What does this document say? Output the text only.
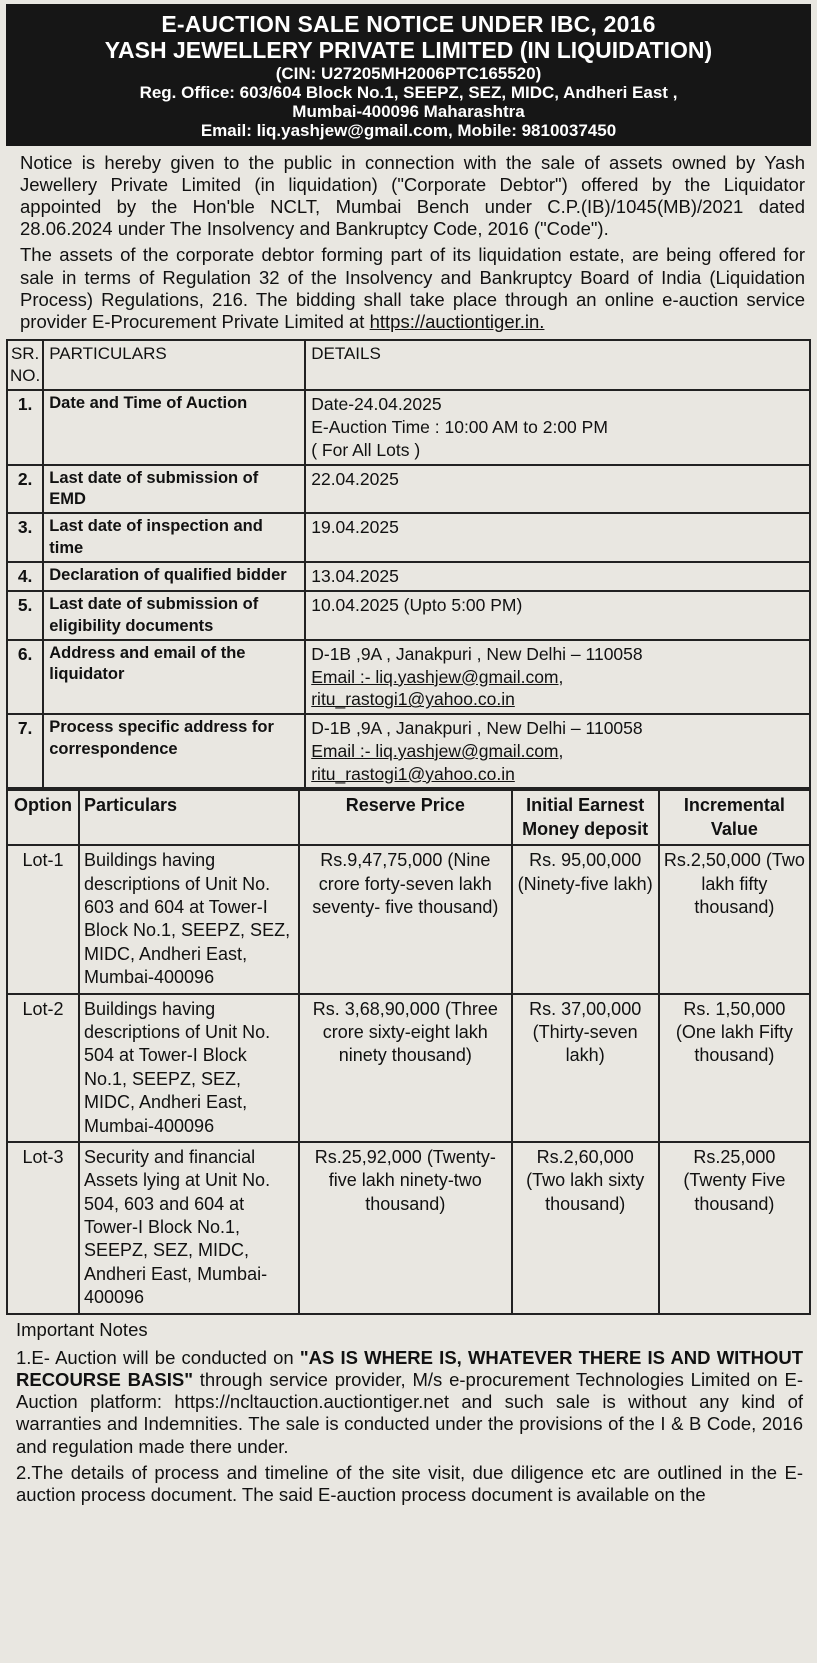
E-AUCTION SALE NOTICE UNDER IBC, 2016
YASH JEWELLERY PRIVATE LIMITED (IN LIQUIDATION)
(CIN: U27205MH2006PTC165520)
Reg. Office: 603/604 Block No.1, SEEPZ, SEZ, MIDC, Andheri East ,
Mumbai-400096 Maharashtra
Email: liq.yashjew@gmail.com, Mobile: 9810037450

Notice is hereby given to the public in connection with the sale of assets owned by Yash Jewellery Private Limited (in liquidation) ("Corporate Debtor") offered by the Liquidator appointed by the Hon'ble NCLT, Mumbai Bench under C.P.(IB)/1045(MB)/2021 dated 28.06.2024 under The Insolvency and Bankruptcy Code, 2016 ("Code").

The assets of the corporate debtor forming part of its liquidation estate, are being offered for sale in terms of Regulation 32 of the Insolvency and Bankruptcy Board of India (Liquidation Process) Regulations, 216. The bidding shall take place through an online e-auction service provider E-Procurement Private Limited at https://auctiontiger.in.

SR. NO.	PARTICULARS	DETAILS
1.	Date and Time of Auction	Date-24.04.2025
E-Auction Time : 10:00 AM to 2:00 PM
( For All Lots )

2.	Last date of submission of EMD	22.04.2025
3.	Last date of inspection and time	19.04.2025
4.	Declaration of qualified bidder	13.04.2025
5.	Last date of submission of eligibility documents	10.04.2025 (Upto 5:00 PM)
6.	Address and email of the liquidator	D-1B ,9A , Janakpuri , New Delhi – 110058
Email :- liq.yashjew@gmail.com,
ritu_rastogi1@yahoo.co.in

7.	Process specific address for correspondence	D-1B ,9A , Janakpuri , New Delhi – 110058
Email :- liq.yashjew@gmail.com,
ritu_rastogi1@yahoo.co.in
Option	Particulars	Reserve Price	Initial Earnest Money deposit	Incremental Value
Lot-1	Buildings having descriptions of Unit No. 603 and 604 at Tower-I Block No.1, SEEPZ, SEZ, MIDC, Andheri East, Mumbai-400096	Rs.9,47,75,000 (Nine crore forty-seven lakh seventy- five thousand)	Rs. 95,00,000 (Ninety-five lakh)	Rs.2,50,000 (Two lakh fifty thousand)
Lot-2	Buildings having descriptions of Unit No. 504 at Tower-I Block No.1, SEEPZ, SEZ, MIDC, Andheri East, Mumbai-400096	Rs. 3,68,90,000 (Three crore sixty-eight lakh ninety thousand)	Rs. 37,00,000 (Thirty-seven lakh)	Rs. 1,50,000 (One lakh Fifty thousand)
Lot-3	Security and financial Assets lying at Unit No. 504, 603 and 604 at Tower-I Block No.1, SEEPZ, SEZ, MIDC, Andheri East, Mumbai-400096	Rs.25,92,000 (Twenty-five lakh ninety-two thousand)	Rs.2,60,000 (Two lakh sixty thousand)	Rs.25,000 (Twenty Five thousand)
Important Notes

1.E- Auction will be conducted on "AS IS WHERE IS, WHATEVER THERE IS AND WITHOUT RECOURSE BASIS" through service provider, M/s e-procurement Technologies Limited on E-Auction platform: https://ncltauction.auctiontiger.net and such sale is without any kind of warranties and Indemnities. The sale is conducted under the provisions of the I & B Code, 2016 and regulation made there under.

2.The details of process and timeline of the site visit, due diligence etc are outlined in the E-auction process document. The said E-auction process document is available on the
